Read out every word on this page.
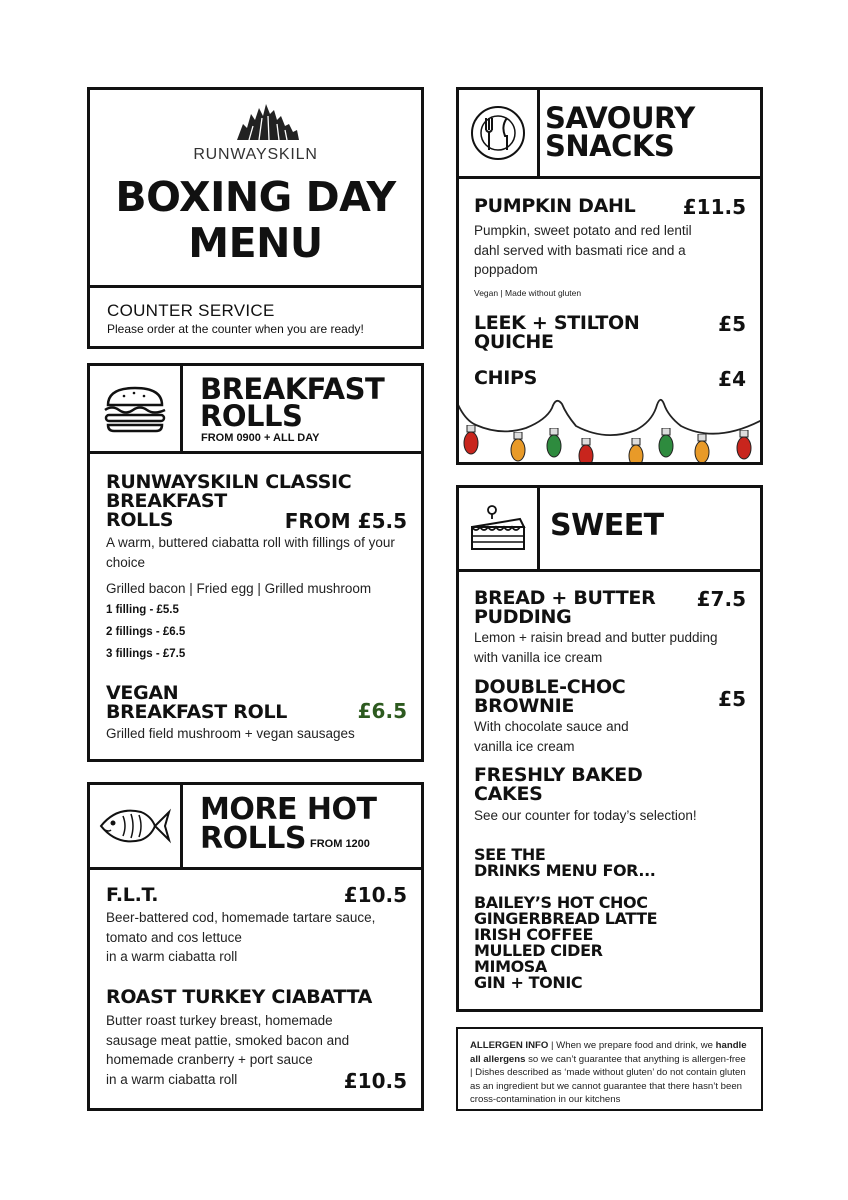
RUNWAYSKILN
BOXING DAY
MENU
COUNTER SERVICE
Please order at the counter when you are ready!
BREAKFAST
ROLLS
FROM 0900 + ALL DAY
RUNWAYSKILN CLASSIC
BREAKFAST
ROLLS	FROM £5.5
A warm, buttered ciabatta roll with fillings of your choice
Grilled bacon | Fried egg | Grilled mushroom
1 filling - £5.5
2 fillings - £6.5
3 fillings - £7.5
VEGAN
BREAKFAST ROLL	£6.5
Grilled field mushroom + vegan sausages
MORE HOT
ROLLS FROM 1200
F.L.T.	£10.5
Beer-battered cod, homemade tartare sauce,
tomato and cos lettuce
in a warm ciabatta roll
ROAST TURKEY CIABATTA
Butter roast turkey breast, homemade
sausage meat pattie, smoked bacon and
homemade cranberry + port sauce
in a warm ciabatta roll	£10.5
SAVOURY
SNACKS
PUMPKIN DAHL £11.5
Pumpkin, sweet potato and red lentil dahl served with basmati rice and a poppadom
Vegan | Made without gluten
LEEK + STILTON
QUICHE
£5
CHIPS	£4
SWEET
BREAD + BUTTER
PUDDING
£7.5
Lemon + raisin bread and butter pudding
with vanilla ice cream
DOUBLE-CHOC
BROWNIE	£5
With chocolate sauce and
vanilla ice cream
FRESHLY BAKED
CAKES
See our counter for today’s selection!
SEE THE
DRINKS MENU FOR...
BAILEY’S HOT CHOC
GINGERBREAD LATTE
IRISH COFFEE
MULLED CIDER
MIMOSA
GIN + TONIC
ALLERGEN INFO | When we prepare food and drink, we handle all allergens so we can’t guarantee that anything is allergen-free | Dishes described as ‘made without gluten’ do not contain gluten as an ingredient but we cannot guarantee that there hasn’t been cross-contamination in our kitchens
